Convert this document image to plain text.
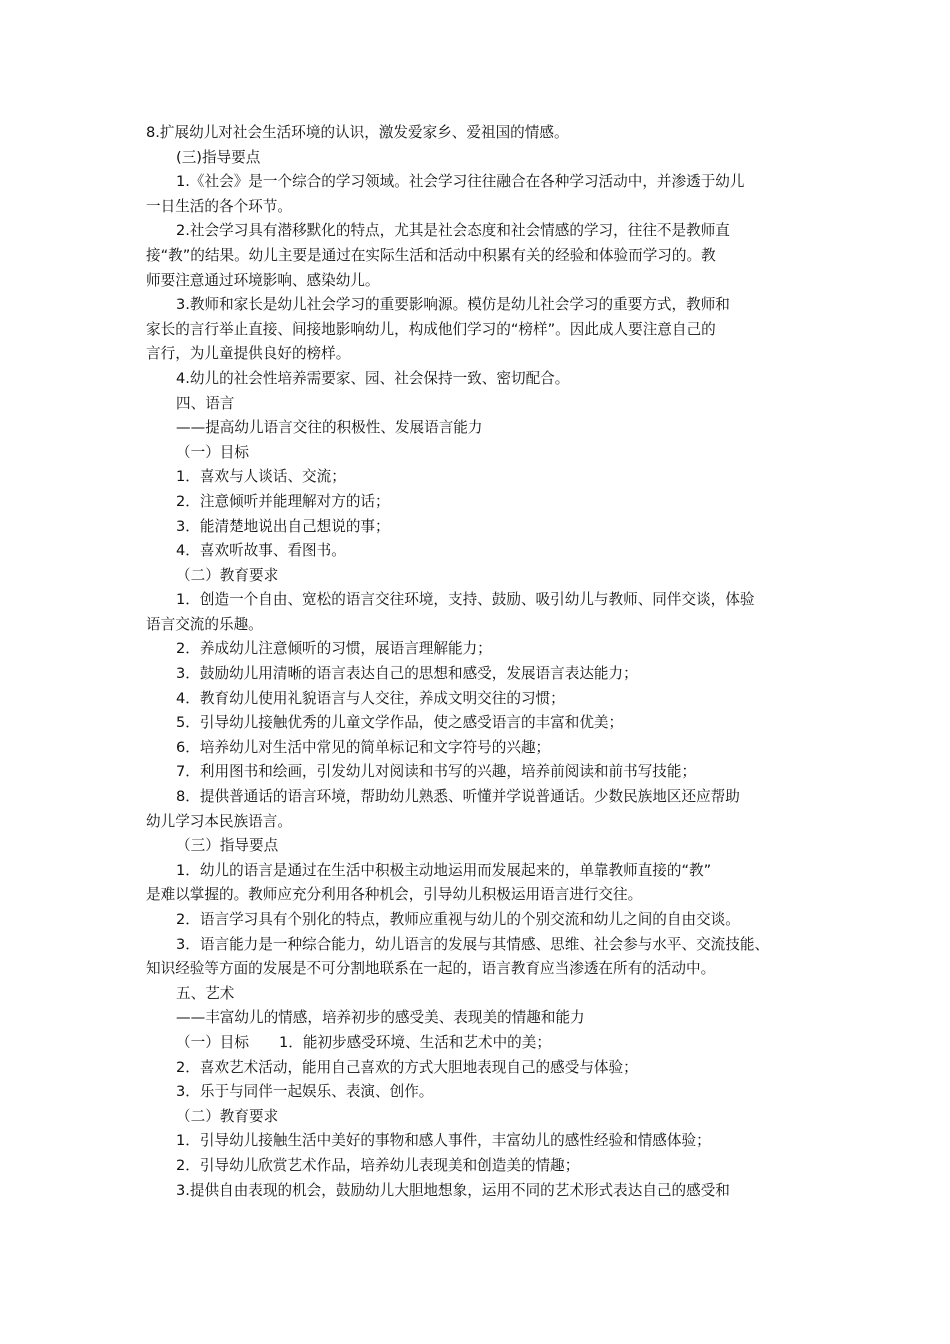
8.扩展幼儿对社会生活环境的认识，激发爱家乡、爱祖国的情感。
(三)指导要点
1.《社会》是一个综合的学习领域。社会学习往往融合在各种学习活动中，并渗透于幼儿
一日生活的各个环节。
2.社会学习具有潜移默化的特点，尤其是社会态度和社会情感的学习，往往不是教师直
接“教”的结果。幼儿主要是通过在实际生活和活动中积累有关的经验和体验而学习的。教
师要注意通过环境影响、感染幼儿。
3.教师和家长是幼儿社会学习的重要影响源。模仿是幼儿社会学习的重要方式，教师和
家长的言行举止直接、间接地影响幼儿，构成他们学习的“榜样”。因此成人要注意自己的
言行，为儿童提供良好的榜样。
4.幼儿的社会性培养需要家、园、社会保持一致、密切配合。
四、语言
——提高幼儿语言交往的积极性、发展语言能力
（一）目标
1．喜欢与人谈话、交流；
2．注意倾听并能理解对方的话；
3．能清楚地说出自己想说的事；
4．喜欢听故事、看图书。
（二）教育要求
1．创造一个自由、宽松的语言交往环境，支持、鼓励、吸引幼儿与教师、同伴交谈，体验
语言交流的乐趣。
2．养成幼儿注意倾听的习惯，展语言理解能力；
3．鼓励幼儿用清晰的语言表达自己的思想和感受，发展语言表达能力；
4．教育幼儿使用礼貌语言与人交往，养成文明交往的习惯；
5．引导幼儿接触优秀的儿童文学作品，使之感受语言的丰富和优美；
6．培养幼儿对生活中常见的简单标记和文字符号的兴趣；
7．利用图书和绘画，引发幼儿对阅读和书写的兴趣，培养前阅读和前书写技能；
8．提供普通话的语言环境，帮助幼儿熟悉、听懂并学说普通话。少数民族地区还应帮助
幼儿学习本民族语言。
（三）指导要点
1．幼儿的语言是通过在生活中积极主动地运用而发展起来的，单靠教师直接的“教”
是难以掌握的。教师应充分利用各种机会，引导幼儿积极运用语言进行交往。
2．语言学习具有个别化的特点，教师应重视与幼儿的个别交流和幼儿之间的自由交谈。
3．语言能力是一种综合能力，幼儿语言的发展与其情感、思维、社会参与水平、交流技能、
知识经验等方面的发展是不可分割地联系在一起的，语言教育应当渗透在所有的活动中。
五、艺术
——丰富幼儿的情感，培养初步的感受美、表现美的情趣和能力
（一）目标 1．能初步感受环境、生活和艺术中的美；
2．喜欢艺术活动，能用自己喜欢的方式大胆地表现自己的感受与体验；
3．乐于与同伴一起娱乐、表演、创作。
（二）教育要求
1．引导幼儿接触生活中美好的事物和感人事件，丰富幼儿的感性经验和情感体验；
2．引导幼儿欣赏艺术作品，培养幼儿表现美和创造美的情趣；
3.提供自由表现的机会，鼓励幼儿大胆地想象，运用不同的艺术形式表达自己的感受和
